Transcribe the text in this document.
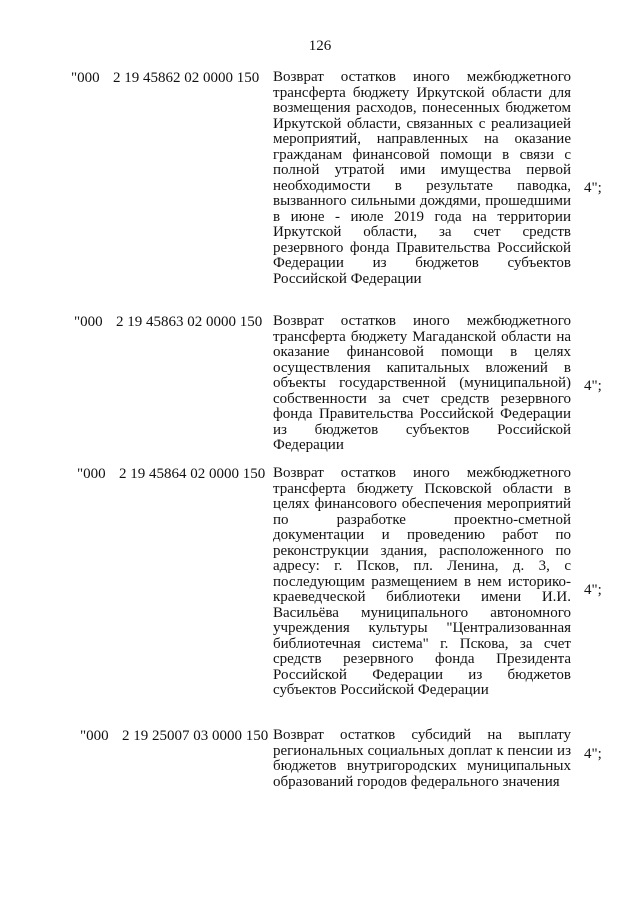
126
"000 2 19 45862 02 0000 150 Возврат остатков иного межбюджетного трансферта бюджету Иркутской области для возмещения расходов, понесенных бюджетом Иркутской области, связанных с реализацией мероприятий, направленных на оказание гражданам финансовой помощи в связи с полной утратой ими имущества первой необходимости в результате паводка, вызванного сильными дождями, прошедшими в июне - июле 2019 года на территории Иркутской области, за счет средств резервного фонда Правительства Российской Федерации из бюджетов субъектов Российской Федерации
4";
"000 2 19 45863 02 0000 150 Возврат остатков иного межбюджетного трансферта бюджету Магаданской области на оказание финансовой помощи в целях осуществления капитальных вложений в объекты государственной (муниципальной) собственности за счет средств резервного фонда Правительства Российской Федерации из бюджетов субъектов Российской Федерации
4";
"000 2 19 45864 02 0000 150 Возврат остатков иного межбюджетного трансферта бюджету Псковской области в целях финансового обеспечения мероприятий по разработке проектно-сметной документации и проведению работ по реконструкции здания, расположенного по адресу: г. Псков, пл. Ленина, д. 3, с последующим размещением в нем историко-краеведческой библиотеки имени И.И. Васильёва муниципального автономного учреждения культуры "Централизованная библиотечная система" г. Пскова, за счет средств резервного фонда Президента Российской Федерации из бюджетов субъектов Российской Федерации
4";
"000 2 19 25007 03 0000 150 Возврат остатков субсидий на выплату региональных социальных доплат к пенсии из бюджетов внутригородских муниципальных образований городов федерального значения
4";
